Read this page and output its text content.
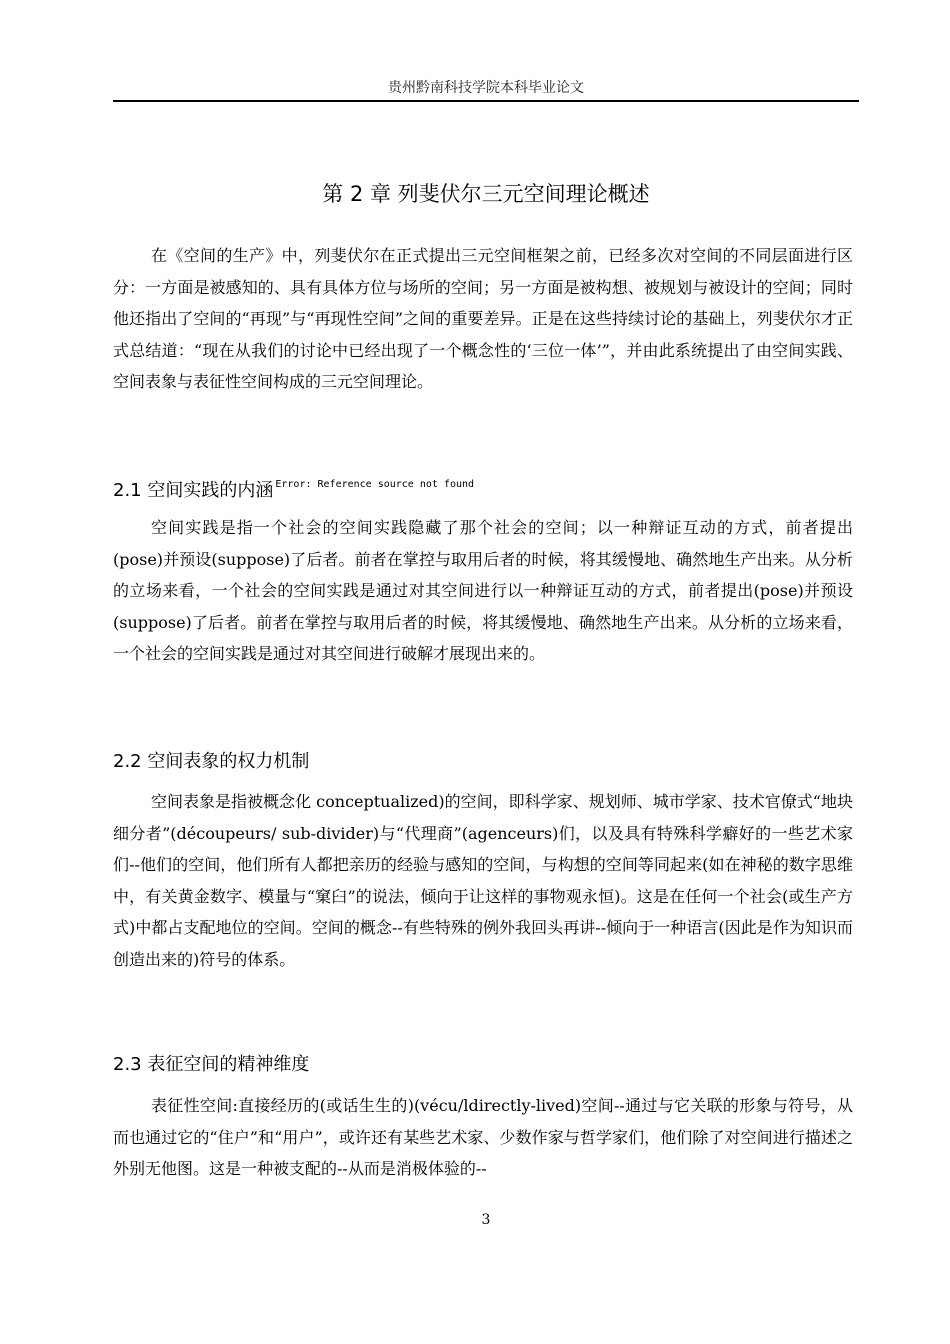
贵州黔南科技学院本科毕业论文
第 2 章 列斐伏尔三元空间理论概述

在《空间的生产》中，列斐伏尔在正式提出三元空间框架之前，已经多次对空间的不同层面进行区分：一方面是被感知的、具有具体方位与场所的空间；另一方面是被构想、被规划与被设计的空间；同时他还指出了空间的“再现”与“再现性空间”之间的重要差异。正是在这些持续讨论的基础上，列斐伏尔才正式总结道：“现在从我们的讨论中已经出现了一个概念性的‘三位一体’”，并由此系统提出了由空间实践、空间表象与表征性空间构成的三元空间理论。

2.1 空间实践的内涵 $^{Error: Reference source not found}$

空间实践是指一个社会的空间实践隐藏了那个社会的空间；以一种辩证互动的方式，前者提出(pose)并预设(suppose)了后者。前者在掌控与取用后者的时候，将其缓慢地、确然地生产出来。从分析的立场来看，一个社会的空间实践是通过对其空间进行以一种辩证互动的方式，前者提出(pose)并预设(suppose)了后者。前者在掌控与取用后者的时候，将其缓慢地、确然地生产出来。从分析的立场来看，一个社会的空间实践是通过对其空间进行破解才展现出来的。

2.2 空间表象的权力机制

空间表象是指被概念化 conceptualized)的空间，即科学家、规划师、城市学家、技术官僚式“地块细分者”(découpeurs/ sub-divider)与“代理商”(agenceurs)们，以及具有特殊科学癖好的一些艺术家们--他们的空间，他们所有人都把亲历的经验与感知的空间，与构想的空间等同起来(如在神秘的数字思维中，有关黄金数字、模量与“窠臼”的说法，倾向于让这样的事物观永恒)。这是在任何一个社会(或生产方式)中都占支配地位的空间。空间的概念--有些特殊的例外我回头再讲--倾向于一种语言(因此是作为知识而创造出来的)符号的体系。

2.3 表征空间的精神维度

表征性空间:直接经历的(或话生生的)(vécu/ldirectly-lived)空间--通过与它关联的形象与符号，从而也通过它的“住户”和“用户”，或许还有某些艺术家、少数作家与哲学家们，他们除了对空间进行描述之外别无他图。这是一种被支配的--从而是消极体验的--

3
